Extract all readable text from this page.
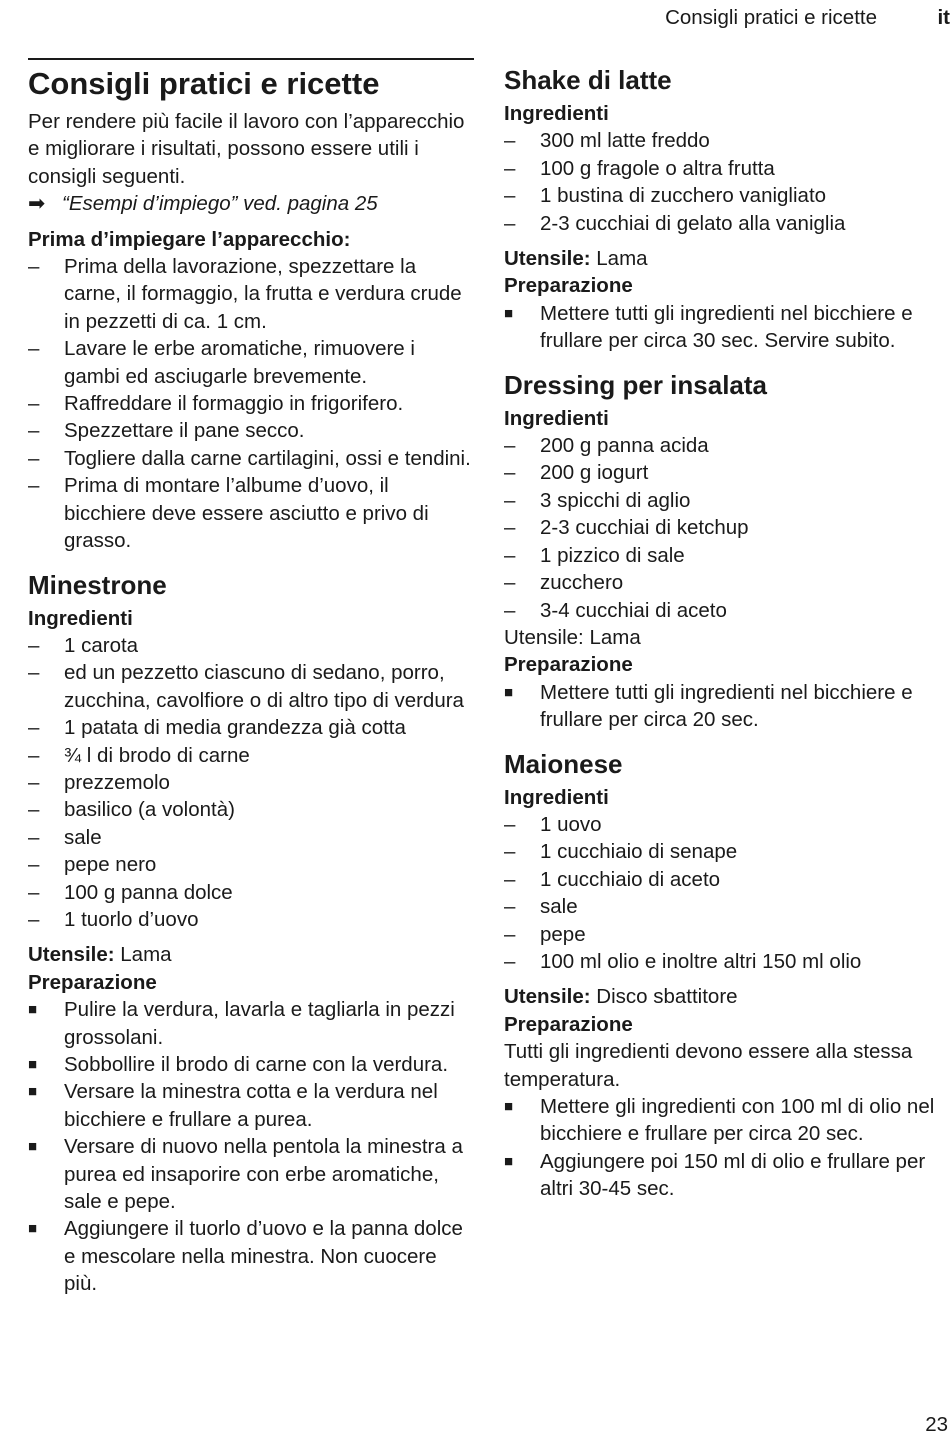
Consigli pratici e ricette	it
Consigli pratici e ricette

Per rendere più facile il lavoro con l’apparecchio e migliorare i risultati, possono essere utili i consigli seguenti.

➡ “Esempi d’impiego” ved. pagina 25

Prima d’impiegare l’apparecchio:

–	Prima della lavorazione, spezzettare la carne, il formaggio, la frutta e verdura crude in pezzetti di ca. 1 cm.
–	Lavare le erbe aromatiche, rimuovere i gambi ed asciugarle brevemente.
–	Raffreddare il formaggio in frigorifero.
–	Spezzettare il pane secco.
–	Togliere dalla carne cartilagini, ossi e tendini.
–	Prima di montare l’albume d’uovo, il bicchiere deve essere asciutto e privo di grasso.
Minestrone

Ingredienti

–	1 carota
–	ed un pezzetto ciascuno di sedano, porro, zucchina, cavolfiore o di altro tipo di verdura
–	1 patata di media grandezza già cotta
–	¾ l di brodo di carne
–	prezzemolo
–	basilico (a volontà)
–	sale
–	pepe nero
–	100 g panna dolce
–	1 tuorlo d’uovo

Utensile: Lama

Preparazione

■	Pulire la verdura, lavarla e tagliarla in pezzi grossolani.
■	Sobbollire il brodo di carne con la verdura.
■	Versare la minestra cotta e la verdura nel bicchiere e frullare a purea.
■	Versare di nuovo nella pentola la minestra a purea ed insaporire con erbe aromatiche, sale e pepe.
■	Aggiungere il tuorlo d’uovo e la panna dolce e mescolare nella minestra. Non cuocere più.
Shake di latte

Ingredienti

–	300 ml latte freddo
–	100 g fragole o altra frutta
–	1 bustina di zucchero vanigliato
–	2-3 cucchiai di gelato alla vaniglia

Utensile: Lama

Preparazione

■	Mettere tutti gli ingredienti nel bicchiere e frullare per circa 30 sec. Servire subito.
Dressing per insalata

Ingredienti

–	200 g panna acida
–	200 g iogurt
–	3 spicchi di aglio
–	2-3 cucchiai di ketchup
–	1 pizzico di sale
–	zucchero
–	3-4 cucchiai di aceto

Utensile: Lama

Preparazione

■	Mettere tutti gli ingredienti nel bicchiere e frullare per circa 20 sec.
Maionese

Ingredienti

–	1 uovo
–	1 cucchiaio di senape
–	1 cucchiaio di aceto
–	sale
–	pepe
–	100 ml olio e inoltre altri 150 ml olio

Utensile: Disco sbattitore

Preparazione

Tutti gli ingredienti devono essere alla stessa temperatura.

■	Mettere gli ingredienti con 100 ml di olio nel bicchiere e frullare per circa 20 sec.
■	Aggiungere poi 150 ml di olio e frullare per altri 30-45 sec.
23
